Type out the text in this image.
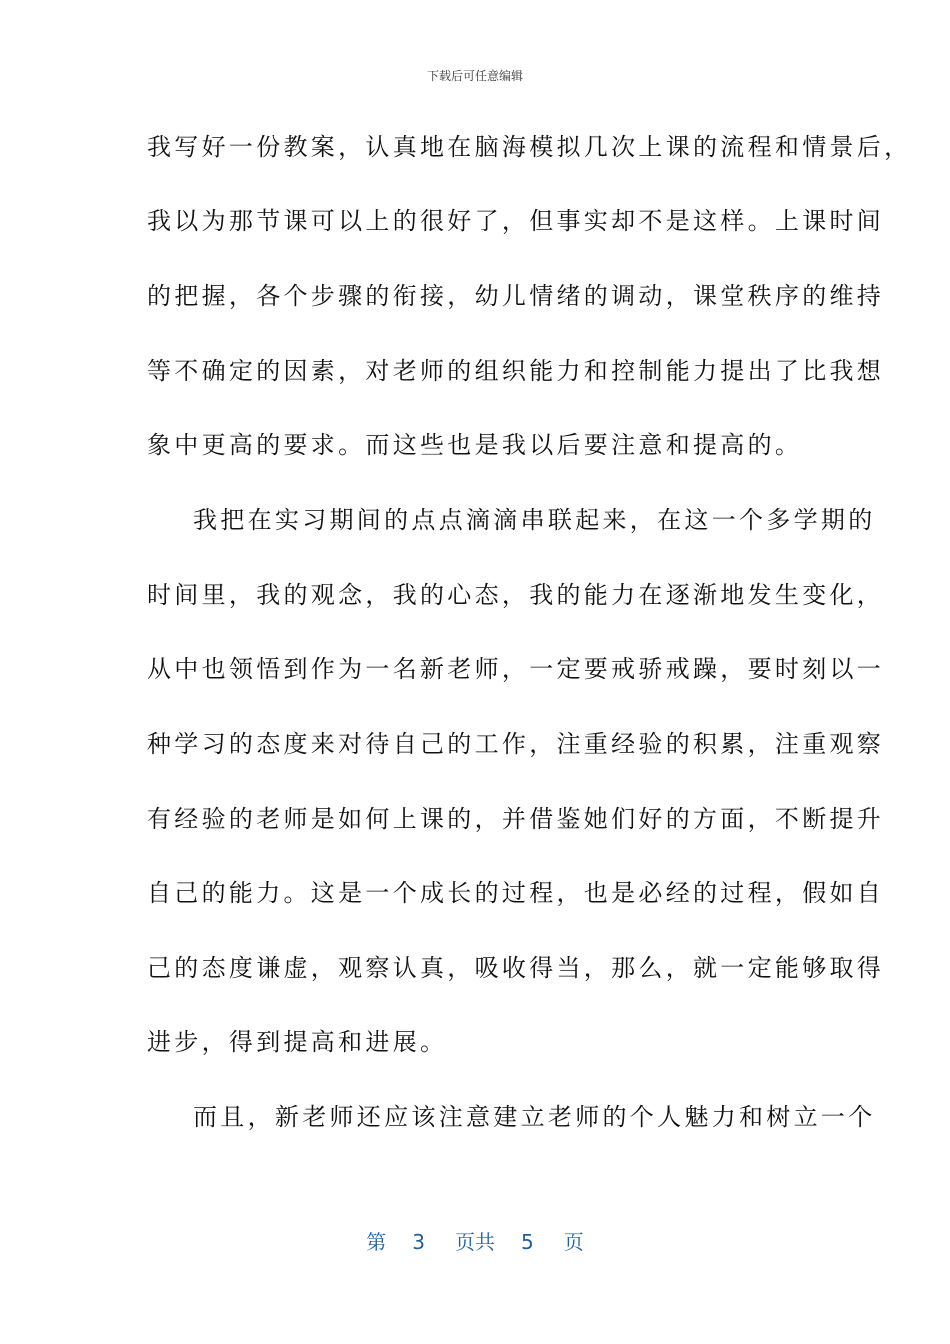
下载后可任意编辑
我写好一份教案，认真地在脑海模拟几次上课的流程和情景后，
我以为那节课可以上的很好了，但事实却不是这样。上课时间
的把握，各个步骤的衔接，幼儿情绪的调动，课堂秩序的维持
等不确定的因素，对老师的组织能力和控制能力提出了比我想
象中更高的要求。而这些也是我以后要注意和提高的。
我把在实习期间的点点滴滴串联起来，在这一个多学期的
时间里，我的观念，我的心态，我的能力在逐渐地发生变化，
从中也领悟到作为一名新老师，一定要戒骄戒躁，要时刻以一
种学习的态度来对待自己的工作，注重经验的积累，注重观察
有经验的老师是如何上课的，并借鉴她们好的方面，不断提升
自己的能力。这是一个成长的过程，也是必经的过程，假如自
己的态度谦虚，观察认真，吸收得当，那么，就一定能够取得
进步，得到提高和进展。
而且，新老师还应该注意建立老师的个人魅力和树立一个
第 3 页共 5 页
